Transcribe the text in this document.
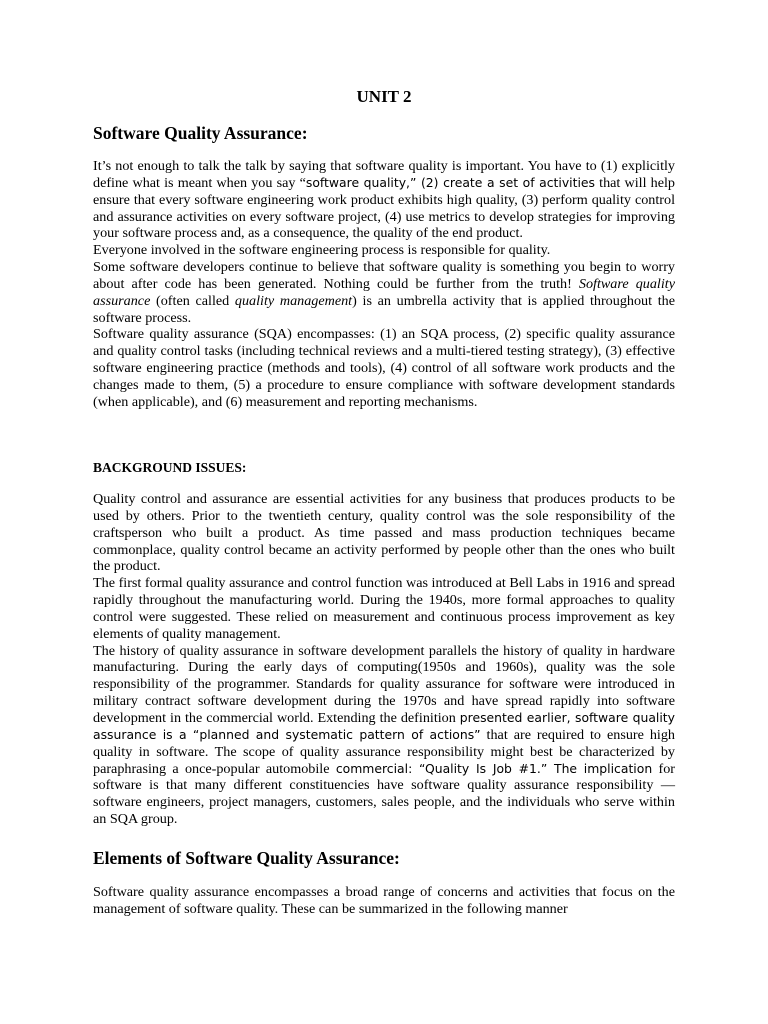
UNIT 2
Software Quality Assurance:

It’s not enough to talk the talk by saying that software quality is important. You have to (1) explicitly define what is meant when you say “software quality,” (2) create a set of activities that will help ensure that every software engineering work product exhibits high quality, (3) perform quality control and assurance activities on every software project, (4) use metrics to develop strategies for improving your software process and, as a consequence, the quality of the end product.

Everyone involved in the software engineering process is responsible for quality.

Some software developers continue to believe that software quality is something you begin to worry about after code has been generated. Nothing could be further from the truth! Software quality assurance (often called quality management) is an umbrella activity that is applied throughout the software process.

Software quality assurance (SQA) encompasses: (1) an SQA process, (2) specific quality assurance and quality control tasks (including technical reviews and a multi-tiered testing strategy), (3) effective software engineering practice (methods and tools), (4) control of all software work products and the changes made to them, (5) a procedure to ensure compliance with software development standards (when applicable), and (6) measurement and reporting mechanisms.

BACKGROUND ISSUES:

Quality control and assurance are essential activities for any business that produces products to be used by others. Prior to the twentieth century, quality control was the sole responsibility of the craftsperson who built a product. As time passed and mass production techniques became commonplace, quality control became an activity performed by people other than the ones who built the product.

The first formal quality assurance and control function was introduced at Bell Labs in 1916 and spread rapidly throughout the manufacturing world. During the 1940s, more formal approaches to quality control were suggested. These relied on measurement and continuous process improvement as key elements of quality management.

The history of quality assurance in software development parallels the history of quality in hardware manufacturing. During the early days of computing(1950s and 1960s), quality was the sole responsibility of the programmer. Standards for quality assurance for software were introduced in military contract software development during the 1970s and have spread rapidly into software development in the commercial world. Extending the definition presented earlier, software quality assurance is a “planned and systematic pattern of actions” that are required to ensure high quality in software. The scope of quality assurance responsibility might best be characterized by paraphrasing a once-popular automobile commercial: “Quality Is Job #1.” The implication for software is that many different constituencies have software quality assurance responsibility — software engineers, project managers, customers, sales people, and the individuals who serve within an SQA group.

Elements of Software Quality Assurance:

Software quality assurance encompasses a broad range of concerns and activities that focus on the management of software quality. These can be summarized in the following manner
